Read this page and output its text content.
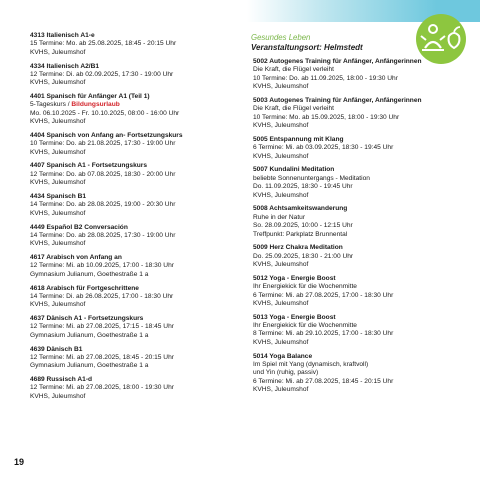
Gesundes Leben
Veranstaltungsort: Helmstedt
4313 Italienisch A1-e
15 Termine: Mo. ab 25.08.2025, 18:45 - 20:15 Uhr
KVHS, Juleumshof
4334 Italienisch A2/B1
12 Termine: Di. ab 02.09.2025, 17:30 - 19:00 Uhr
KVHS, Juleumshof
4401 Spanisch für Anfänger A1 (Teil 1)
5-Tageskurs / Bildungsurlaub
Mo. 06.10.2025 - Fr. 10.10.2025, 08:00 - 16:00 Uhr
KVHS, Juleumshof
4404 Spanisch von Anfang an- Fortsetzungskurs
10 Termine: Do. ab 21.08.2025, 17:30 - 19:00 Uhr
KVHS, Juleumshof
4407 Spanisch A1 - Fortsetzungskurs
12 Termine: Do. ab 07.08.2025, 18:30 - 20:00 Uhr
KVHS, Juleumshof
4434 Spanisch B1
14 Termine: Do. ab 28.08.2025, 19:00 - 20:30 Uhr
KVHS, Juleumshof
4449 Español B2 Conversación
14 Termine: Do. ab 28.08.2025, 17:30 - 19:00 Uhr
KVHS, Juleumshof
4617 Arabisch von Anfang an
12 Termine: Mi. ab 10.09.2025, 17:00 - 18:30 Uhr
Gymnasium Julianum, Goethestraße 1 a
4618 Arabisch für Fortgeschrittene
14 Termine: Di. ab 26.08.2025, 17:00 - 18:30 Uhr
KVHS, Juleumshof
4637 Dänisch A1 - Fortsetzungskurs
12 Termine: Mi. ab 27.08.2025, 17:15 - 18:45 Uhr
Gymnasium Julianum, Goethestraße 1 a
4639 Dänisch B1
12 Termine: Mi. ab 27.08.2025, 18:45 - 20:15 Uhr
Gymnasium Julianum, Goethestraße 1 a
4689 Russisch A1-d
12 Termine: Mi. ab 27.08.2025, 18:00 - 19:30 Uhr
KVHS, Juleumshof
5002 Autogenes Training für Anfänger, Anfängerinnen
Die Kraft, die Flügel verleiht
10 Termine: Do. ab 11.09.2025, 18:00 - 19:30 Uhr
KVHS, Juleumshof
5003 Autogenes Training für Anfänger, Anfängerinnen
Die Kraft, die Flügel verleiht
10 Termine: Mo. ab 15.09.2025, 18:00 - 19:30 Uhr
KVHS, Juleumshof
5005 Entspannung mit Klang
6 Termine: Mi. ab 03.09.2025, 18:30 - 19:45 Uhr
KVHS, Juleumshof
5007 Kundalini Meditation
beliebte Sonnenuntergangs - Meditation
Do. 11.09.2025, 18:30 - 19:45 Uhr
KVHS, Juleumshof
5008 Achtsamkeitswanderung
Ruhe in der Natur
So. 28.09.2025, 10:00 - 12:15 Uhr
Treffpunkt: Parkplatz Brunnental
5009 Herz Chakra Meditation
Do. 25.09.2025, 18:30 - 21:00 Uhr
KVHS, Juleumshof
5012 Yoga - Energie Boost
Ihr Energiekick für die Wochenmitte
6 Termine: Mi. ab 27.08.2025, 17:00 - 18:30 Uhr
KVHS, Juleumshof
5013 Yoga - Energie Boost
Ihr Energiekick für die Wochenmitte
8 Termine: Mi. ab 29.10.2025, 17:00 - 18:30 Uhr
KVHS, Juleumshof
5014 Yoga Balance
Im Spiel mit Yang (dynamisch, kraftvoll)
und Yin (ruhig, passiv)
6 Termine: Mi. ab 27.08.2025, 18:45 - 20:15 Uhr
KVHS, Juleumshof
19
